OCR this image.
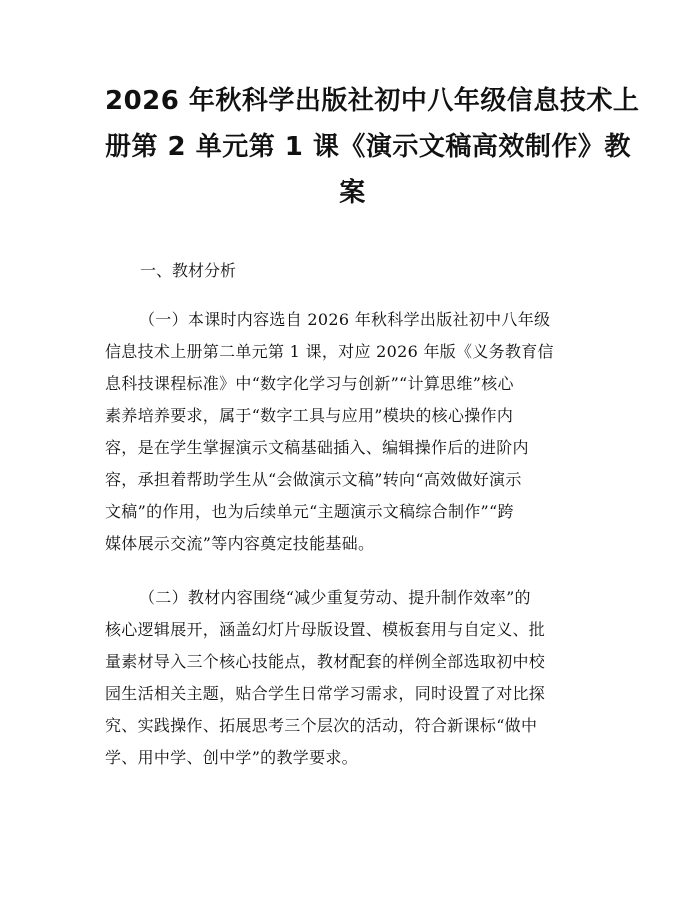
2026 年秋科学出版社初中八年级信息技术上
册第 2 单元第 1 课《演示文稿高效制作》教
案

一、教材分析

（一）本课时内容选自 2026 年秋科学出版社初中八年级
信息技术上册第二单元第 1 课，对应 2026 年版《义务教育信
息科技课程标准》中“数字化学习与创新”“计算思维”核心
素养培养要求，属于“数字工具与应用”模块的核心操作内
容，是在学生掌握演示文稿基础插入、编辑操作后的进阶内
容，承担着帮助学生从“会做演示文稿”转向“高效做好演示
文稿”的作用，也为后续单元“主题演示文稿综合制作”“跨
媒体展示交流”等内容奠定技能基础。

（二）教材内容围绕“减少重复劳动、提升制作效率”的
核心逻辑展开，涵盖幻灯片母版设置、模板套用与自定义、批
量素材导入三个核心技能点，教材配套的样例全部选取初中校
园生活相关主题，贴合学生日常学习需求，同时设置了对比探
究、实践操作、拓展思考三个层次的活动，符合新课标“做中
学、用中学、创中学”的教学要求。
